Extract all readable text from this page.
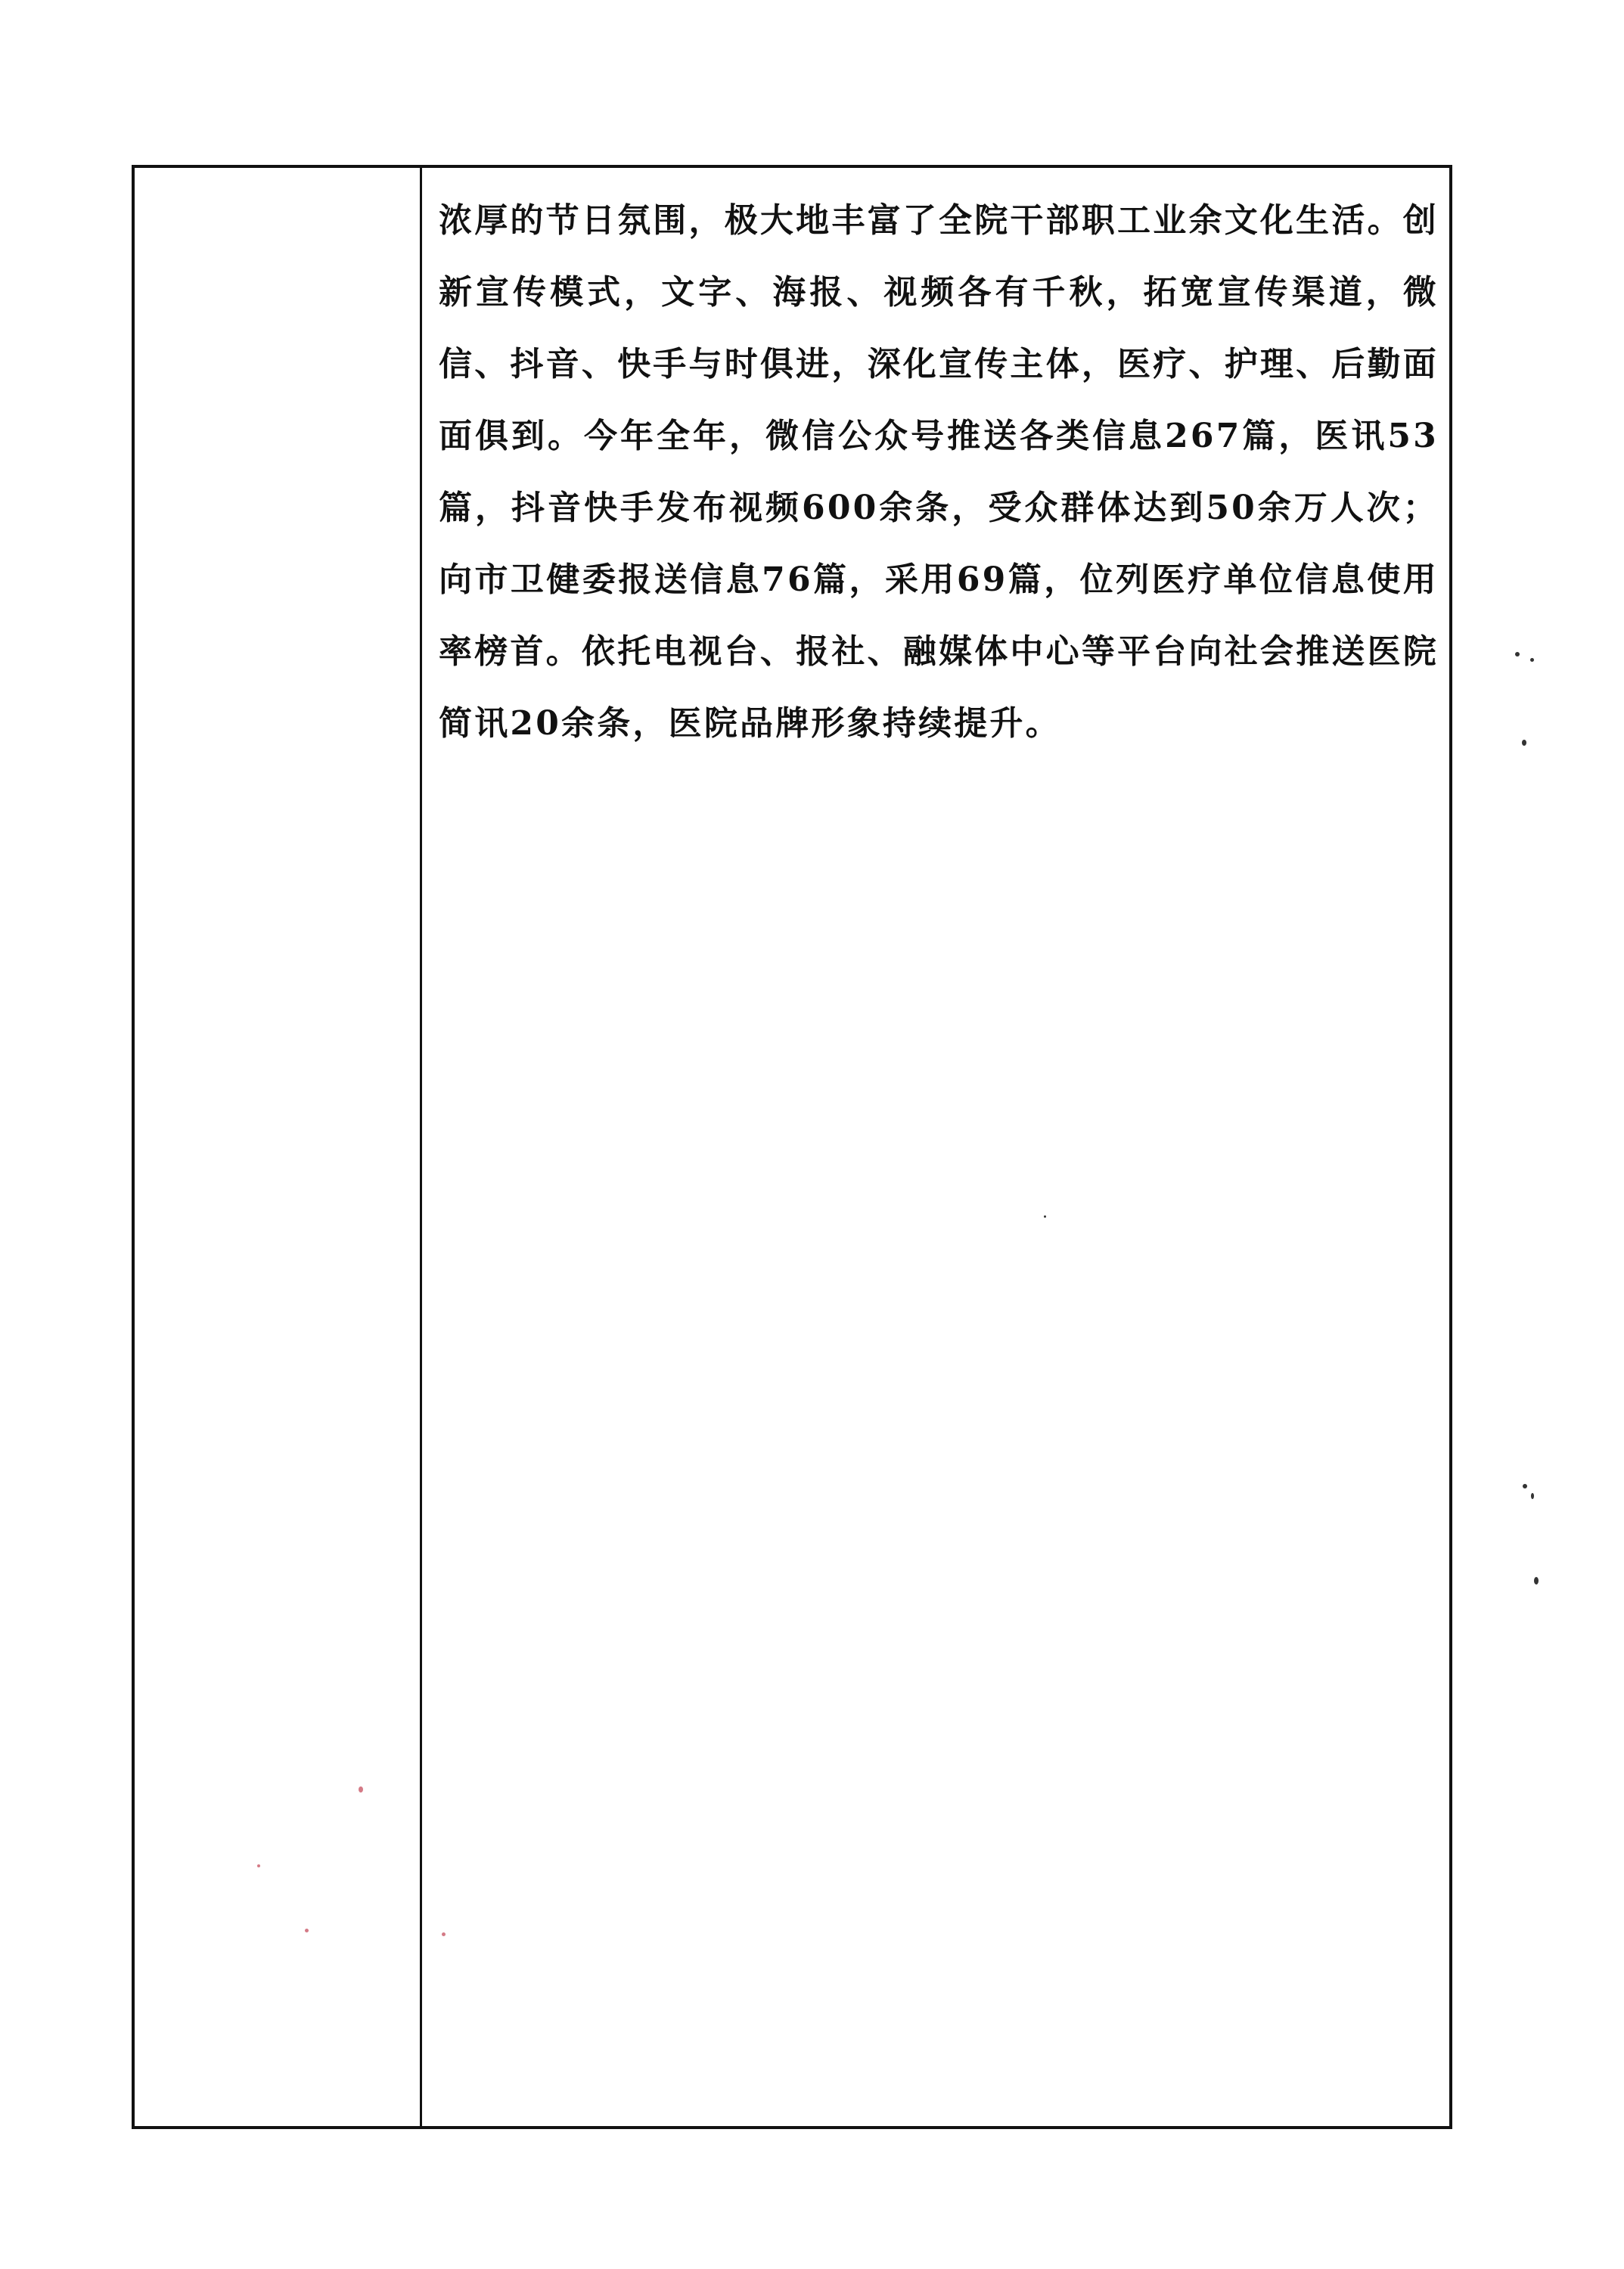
浓厚的节日氛围，极大地丰富了全院干部职工业余文化生活。创新宣传模式，文字、海报、视频各有千秋，拓宽宣传渠道，微信、抖音、快手与时俱进，深化宣传主体，医疗、护理、后勤面面俱到。今年全年，微信公众号推送各类信息267篇，医讯53篇，抖音快手发布视频600余条，受众群体达到50余万人次；向市卫健委报送信息76篇，采用69篇，位列医疗单位信息使用率榜首。依托电视台、报社、融媒体中心等平台向社会推送医院简讯20余条，医院品牌形象持续提升。
